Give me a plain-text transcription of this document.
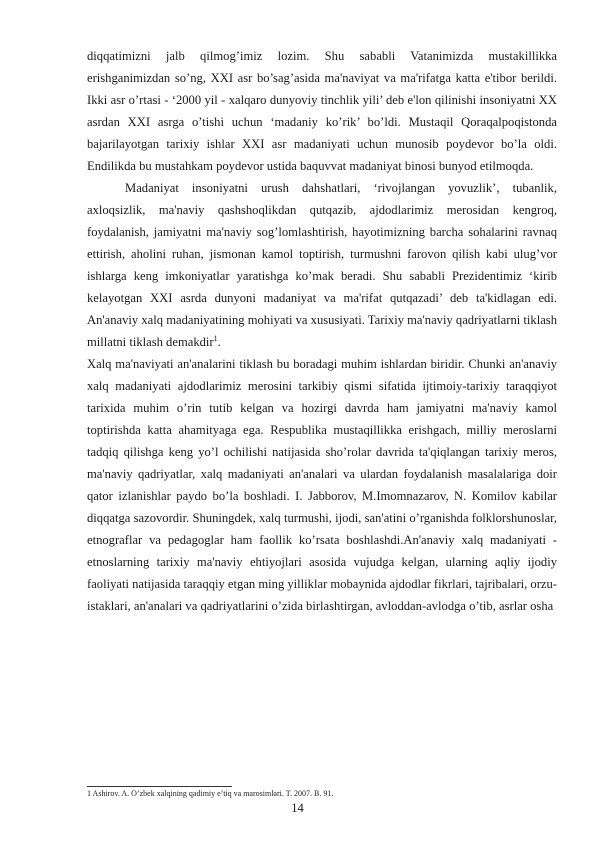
diqqatimizni jalb qilmog’imiz lozim. Shu sababli Vatanimizda mustakillikka erishganimizdan so’ng, XXI asr bo’sag’asida ma'naviyat va ma'rifatga katta e'tibor berildi. Ikki asr o’rtasi - ‘2000 yil - xalqaro dunyoviy tinchlik yili’ deb e'lon qilinishi insoniyatni XX asrdan XXI asrga o’tishi uchun ‘madaniy ko’rik’ bo’ldi. Mustaqil Qoraqalpoqistonda bajarilayotgan tarixiy ishlar XXI asr madaniyati uchun munosib poydevor bo’la oldi. Endilikda bu mustahkam poydevor ustida baquvvat madaniyat binosi bunyod etilmoqda.

Madaniyat insoniyatni urush dahshatlari, ‘rivojlangan yovuzlik’, tubanlik, axloqsizlik, ma'naviy qashshoqlikdan qutqazib, ajdodlarimiz merosidan kengroq, foydalanish, jamiyatni ma'naviy sog’lomlashtirish, hayotimizning barcha sohalarini ravnaq ettirish, aholini ruhan, jismonan kamol toptirish, turmushni farovon qilish kabi ulug’vor ishlarga keng imkoniyatlar yaratishga ko’mak beradi. Shu sababli Prezidentimiz ‘kirib kelayotgan XXI asrda dunyoni madaniyat va ma'rifat qutqazadi’ deb ta'kidlagan edi. An'anaviy xalq madaniyatining mohiyati va xususiyati. Tarixiy ma'naviy qadriyatlarni tiklash millatni tiklash demakdir$^1$.

Xalq ma'naviyati an'analarini tiklash bu boradagi muhim ishlardan biridir. Chunki an'anaviy xalq madaniyati ajdodlarimiz merosini tarkibiy qismi sifatida ijtimoiy-tarixiy taraqqiyot tarixida muhim o’rin tutib kelgan va hozirgi davrda ham jamiyatni ma'naviy kamol toptirishda katta ahamityaga ega. Respublika mustaqillikka erishgach, milliy meroslarni tadqiq qilishga keng yo’l ochilishi natijasida sho’rolar davrida ta'qiqlangan tarixiy meros, ma'naviy qadriyatlar, xalq madaniyati an'analari va ulardan foydalanish masalalariga doir qator izlanishlar paydo bo’la boshladi. I. Jabborov, M.Imomnazarov, N. Komilov kabilar diqqatga sazovordir. Shuningdek, xalq turmushi, ijodi, san'atini o’rganishda folklorshunoslar, etnograflar va pedagoglar ham faollik ko’rsata boshlashdi.An'anaviy xalq madaniyati - etnoslarning tarixiy ma'naviy ehtiyojlari asosida vujudga kelgan, ularning aqliy ijodiy faoliyati natijasida taraqqiy etgan ming yilliklar mobaynida ajdodlar fikrlari, tajribalari, orzu-istaklari, an'analari va qadriyatlarini o’zida birlashtirgan, avloddan-avlodga o’tib, asrlar osha

1 Ashirov. A. O’zbek xalqining qadimiy e’tiq va marosimlari. T. 2007. B. 91.
14
